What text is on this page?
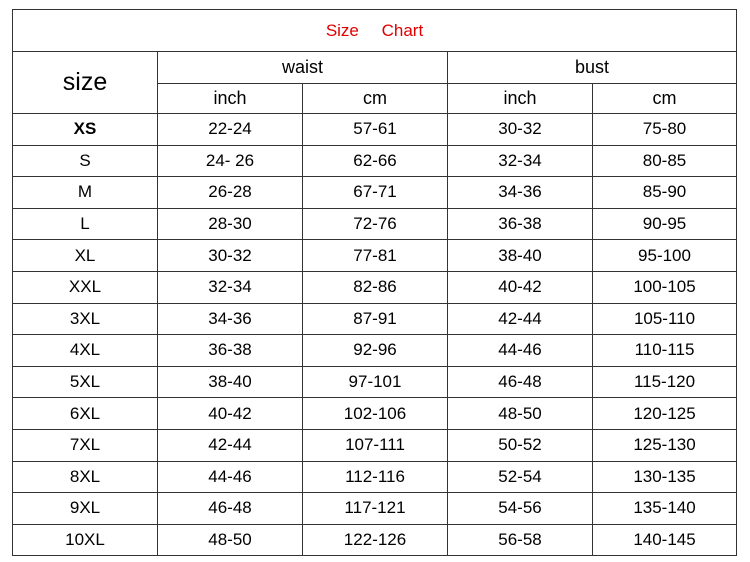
Size Chart				
size	waist		bust	
	inch	cm	inch	cm
XS	22-24	57-61	30-32	75-80
S	24- 26	62-66	32-34	80-85
M	26-28	67-71	34-36	85-90
L	28-30	72-76	36-38	90-95
XL	30-32	77-81	38-40	95-100
XXL	32-34	82-86	40-42	100-105
3XL	34-36	87-91	42-44	105-110
4XL	36-38	92-96	44-46	110-115
5XL	38-40	97-101	46-48	115-120
6XL	40-42	102-106	48-50	120-125
7XL	42-44	107-111	50-52	125-130
8XL	44-46	112-116	52-54	130-135
9XL	46-48	117-121	54-56	135-140
10XL	48-50	122-126	56-58	140-145
